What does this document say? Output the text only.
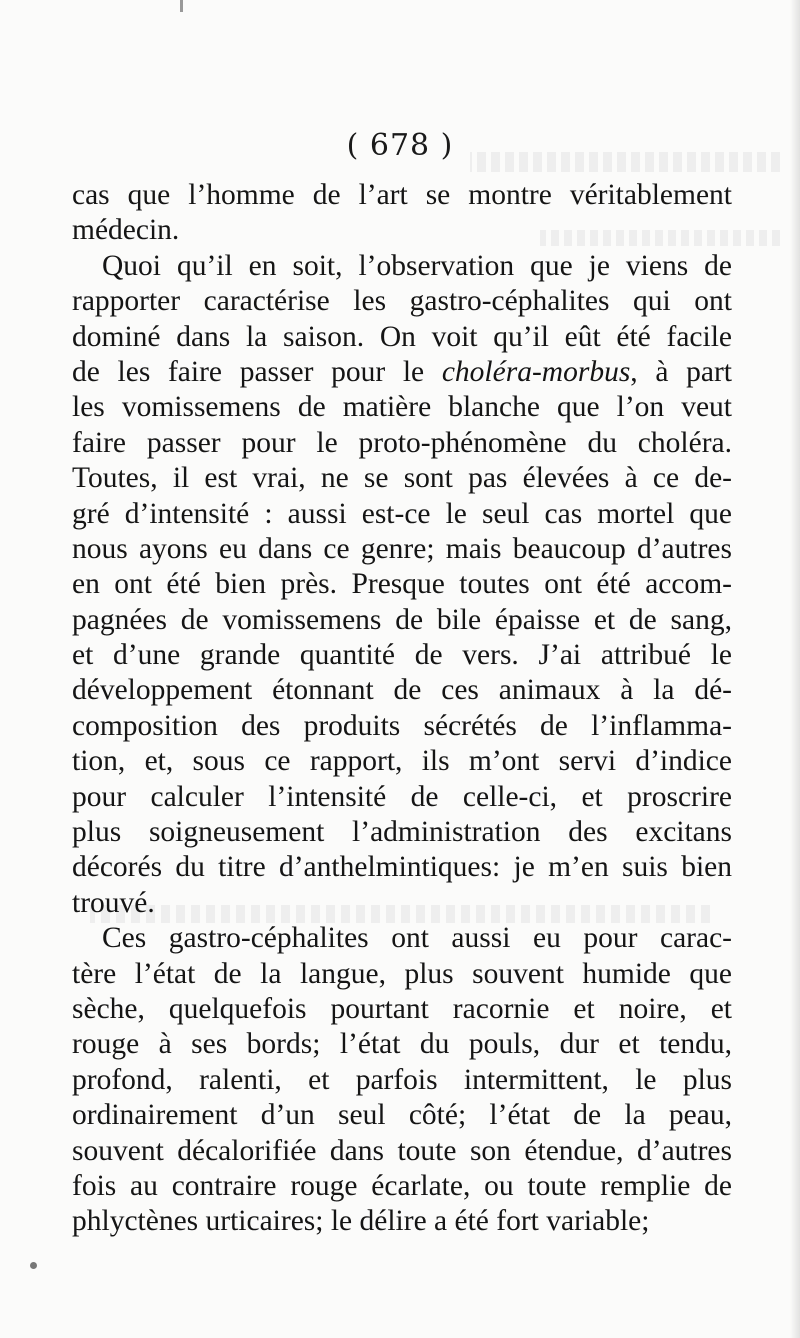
( 678 )
cas que l’homme de l’art se montre véritablement
médecin.
Quoi qu’il en soit, l’observation que je viens de
rapporter caractérise les gastro-céphalites qui ont
dominé dans la saison. On voit qu’il eût été facile
de les faire passer pour le choléra-morbus, à part
les vomissemens de matière blanche que l’on veut
faire passer pour le proto-phénomène du choléra.
Toutes, il est vrai, ne se sont pas élevées à ce de-
gré d’intensité : aussi est-ce le seul cas mortel que
nous ayons eu dans ce genre; mais beaucoup d’autres
en ont été bien près. Presque toutes ont été accom-
pagnées de vomissemens de bile épaisse et de sang,
et d’une grande quantité de vers. J’ai attribué le
développement étonnant de ces animaux à la dé-
composition des produits sécrétés de l’inflamma-
tion, et, sous ce rapport, ils m’ont servi d’indice
pour calculer l’intensité de celle-ci, et proscrire
plus soigneusement l’administration des excitans
décorés du titre d’anthelmintiques: je m’en suis bien
trouvé.
Ces gastro-céphalites ont aussi eu pour carac-
tère l’état de la langue, plus souvent humide que
sèche, quelquefois pourtant racornie et noire, et
rouge à ses bords; l’état du pouls, dur et tendu,
profond, ralenti, et parfois intermittent, le plus
ordinairement d’un seul côté; l’état de la peau,
souvent décalorifiée dans toute son étendue, d’autres
fois au contraire rouge écarlate, ou toute remplie de
phlyctènes urticaires; le délire a été fort variable;
